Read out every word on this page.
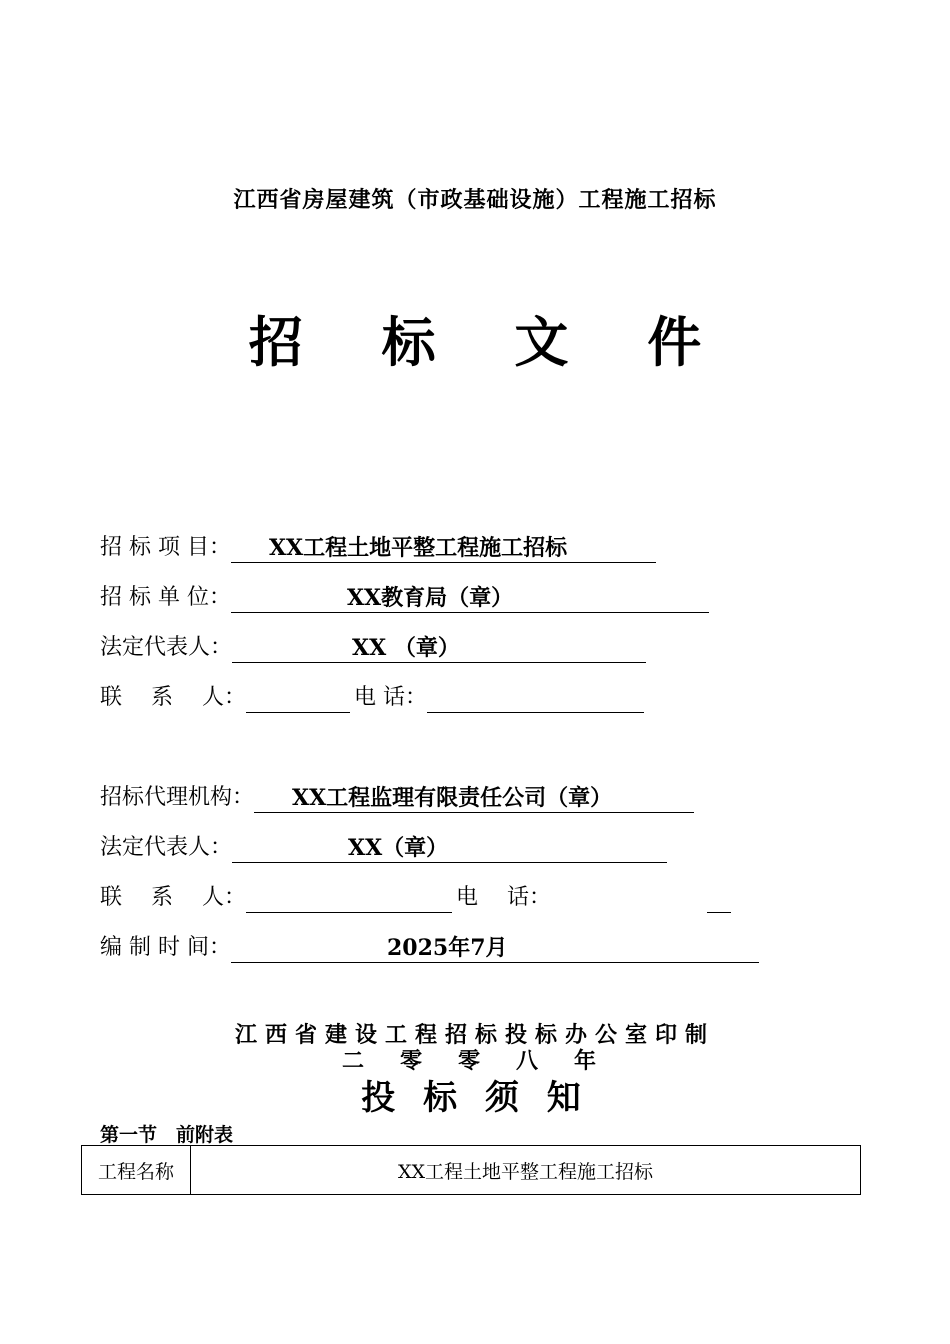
江西省房屋建筑（市政基础设施）工程施工招标
招 标 文 件
招 标 项 目： XX工程土地平整工程施工招标
招 标 单 位：	XX教育局（章）
法定代表人：	XX （章）
联　 系　 人：	电 话：
招标代理机构： XX工程监理有限责任公司（章）
法定代表人：	XX（章）
联　 系　 人：	电　 话：
编 制 时 间：	2025年7月
江西省建设工程招标投标办公室印制
二零零八年
投 标 须 知
第一节　前附表
工程名称	XX工程土地平整工程施工招标
